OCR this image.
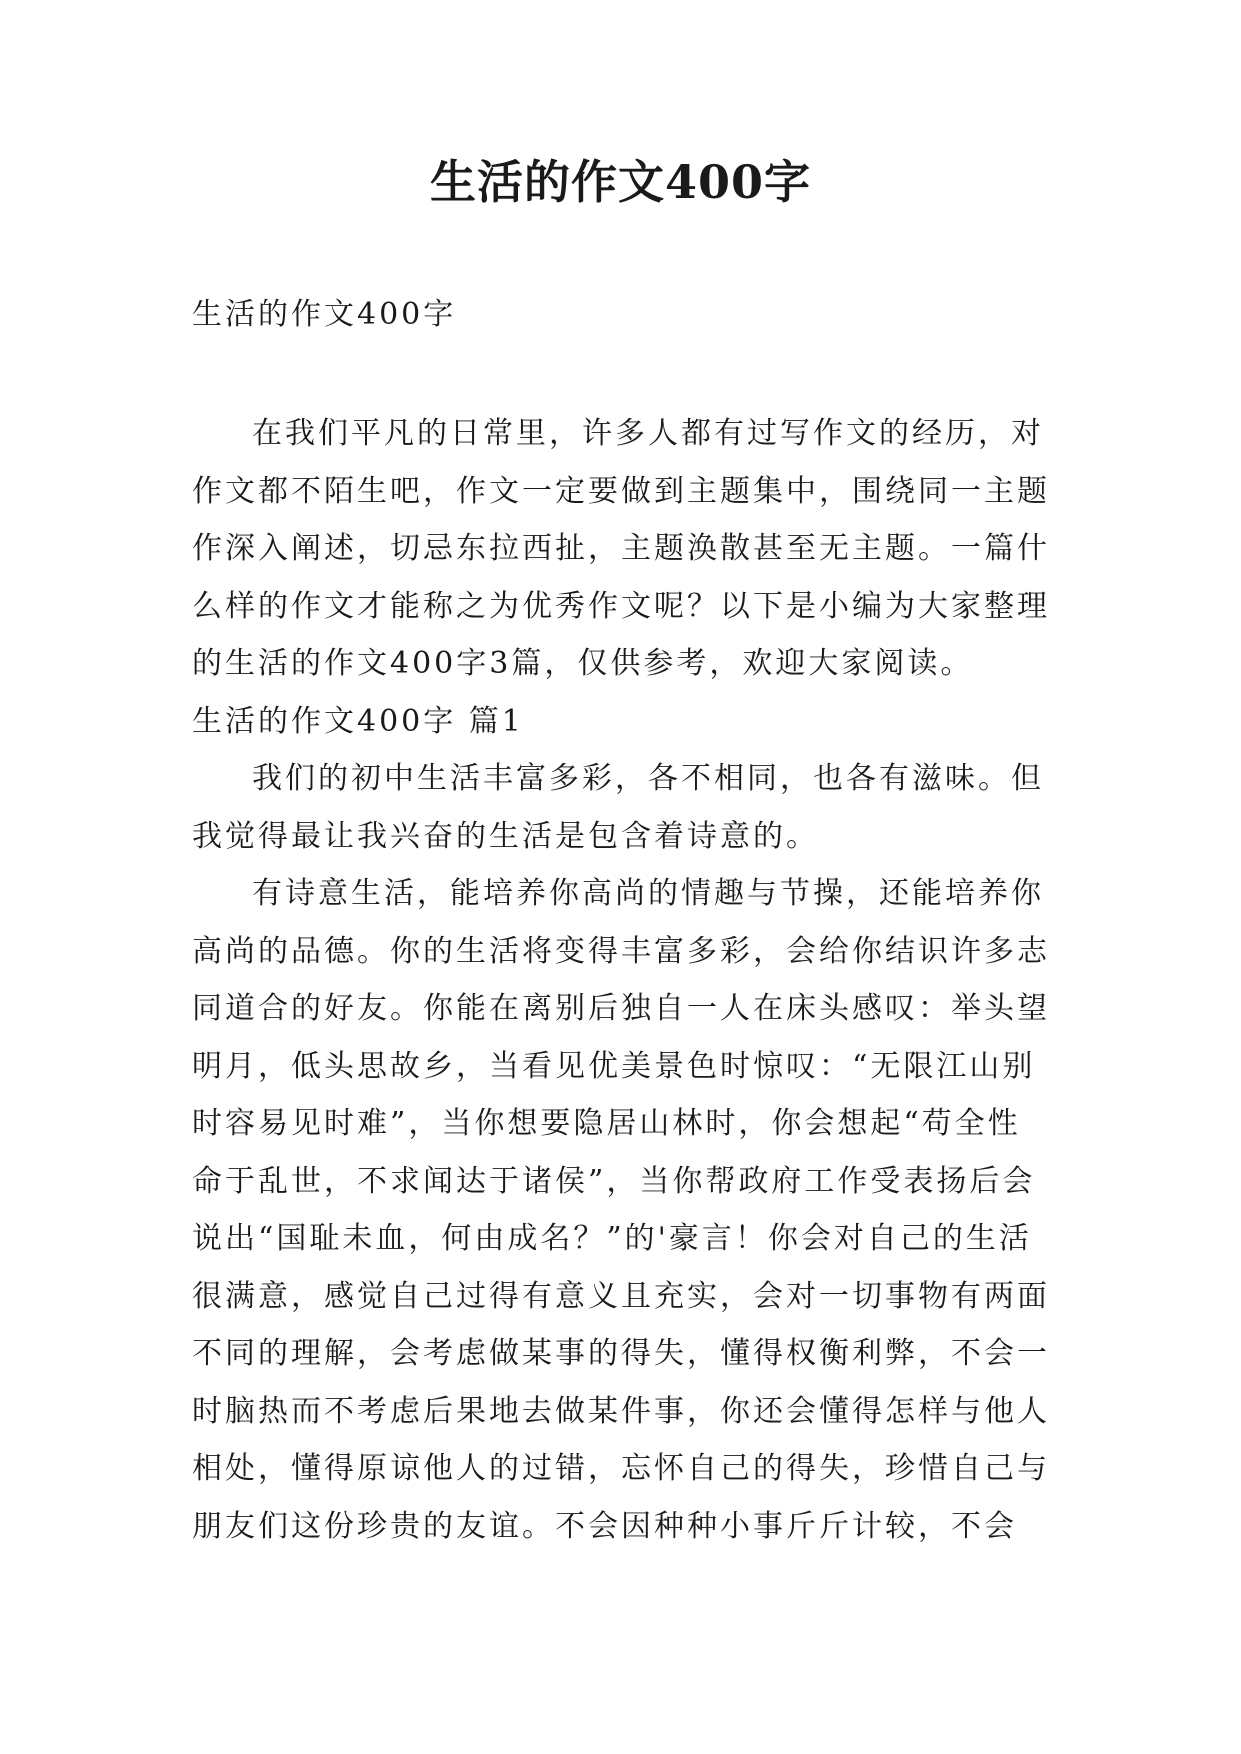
生活的作文400字

生活的作文400字

在我们平凡的日常里，许多人都有过写作文的经历，对作文都不陌生吧，作文一定要做到主题集中，围绕同一主题作深入阐述，切忌东拉西扯，主题涣散甚至无主题。一篇什么样的作文才能称之为优秀作文呢？以下是小编为大家整理的生活的作文400字3篇，仅供参考，欢迎大家阅读。

生活的作文400字 篇1

我们的初中生活丰富多彩，各不相同，也各有滋味。但我觉得最让我兴奋的生活是包含着诗意的。

有诗意生活，能培养你高尚的情趣与节操，还能培养你高尚的品德。你的生活将变得丰富多彩，会给你结识许多志同道合的好友。你能在离别后独自一人在床头感叹：举头望明月，低头思故乡，当看见优美景色时惊叹：“无限江山别时容易见时难”，当你想要隐居山林时，你会想起“苟全性命于乱世，不求闻达于诸侯”，当你帮政府工作受表扬后会说出“国耻未血，何由成名？”的'豪言！你会对自己的生活很满意，感觉自己过得有意义且充实，会对一切事物有两面不同的理解，会考虑做某事的得失，懂得权衡利弊，不会一时脑热而不考虑后果地去做某件事，你还会懂得怎样与他人相处，懂得原谅他人的过错，忘怀自己的得失，珍惜自己与朋友们这份珍贵的友谊。不会因种种小事斤斤计较，不会
